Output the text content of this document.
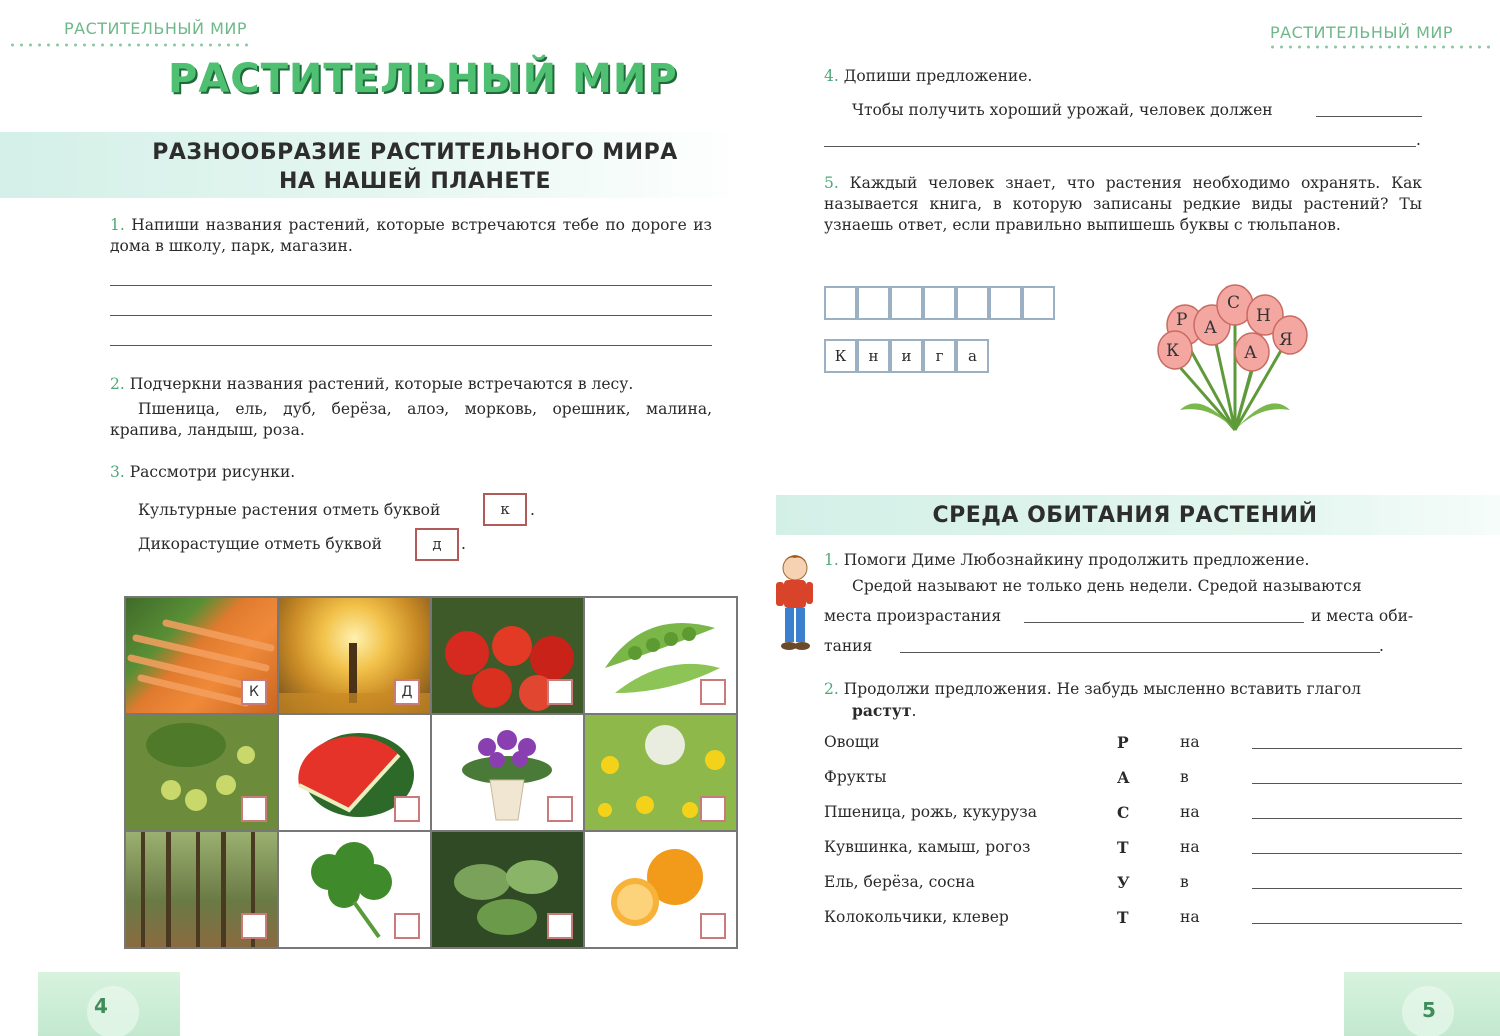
РАСТИТЕЛЬНЫЙ МИР
РАСТИТЕЛЬНЫЙ МИР
РАЗНООБРАЗИЕ РАСТИТЕЛЬНОГО МИРА
НА НАШЕЙ ПЛАНЕТЕ
1. Напиши названия растений, которые встречаются тебе по дороге из дома в школу, парк, магазин.
2. Подчеркни названия растений, которые встречаются в лесу.
Пшеница, ель, дуб, берёза, алоэ, морковь, орешник, малина, крапива, ландыш, роза.
3. Рассмотри рисунки.
Культурные растения отметь буквой	к	.
Дикорастущие отметь буквой	д	.
К	Д
4
РАСТИТЕЛЬНЫЙ МИР
4. Допиши предложение.
Чтобы получить хороший урожай, человек должен
.
5. Каждый человек знает, что растения необходимо охранять. Как называется книга, в которую записаны редкие виды растений? Ты узнаешь ответ, если правильно выпишешь буквы с тюльпанов.
К	н	и	г	а
Р А
С
Н
К	А
Я
СРЕДА ОБИТАНИЯ РАСТЕНИЙ
1. Помоги Диме Любознайкину продолжить предложение.
Средой называют не только день недели. Средой называются
места произрастания	и места оби-
тания	.
2. Продолжи предложения. Не забудь мысленно вставить глагол
растут.
Овощи	Р	на
Фрукты	А	в
Пшеница, рожь, кукуруза	С	на
Кувшинка, камыш, рогоз	Т	на
Ель, берёза, сосна	У	в
Колокольчики, клевер	Т	на
5
